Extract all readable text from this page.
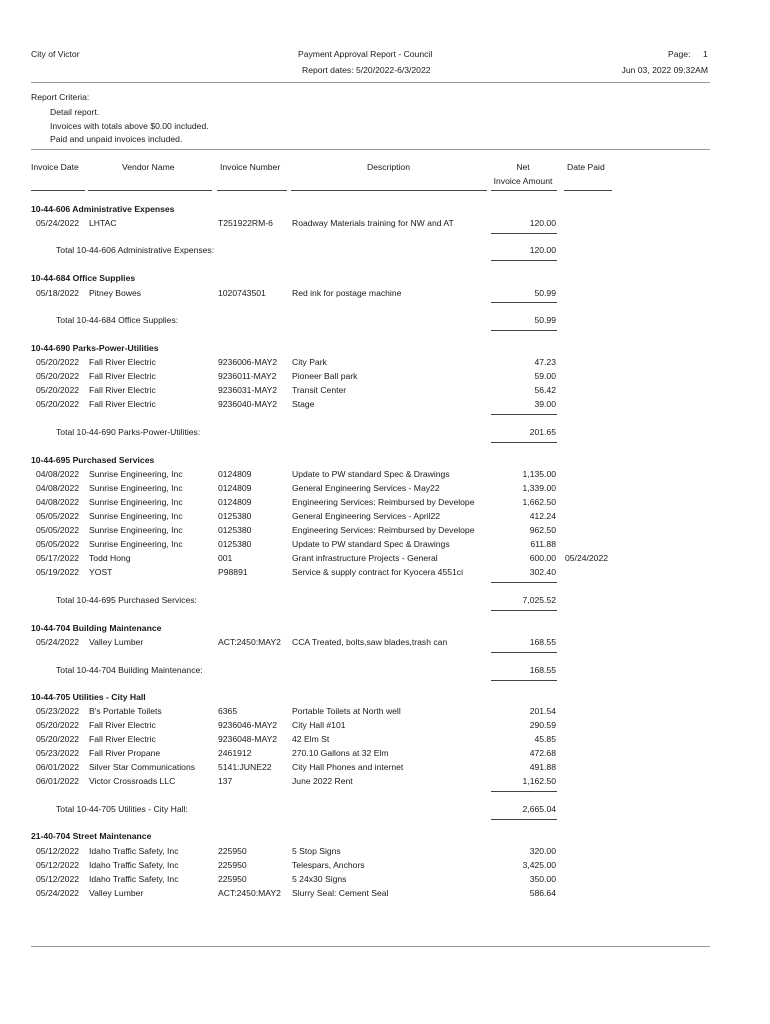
City of Victor	Payment Approval Report - Council
Report dates: 5/20/2022-6/3/2022
Page: 1
Jun 03, 2022 09:32AM
Report Criteria:
Detail report.
Invoices with totals above $0.00 included.
Paid and unpaid invoices included.
Invoice Date	Vendor Name	Invoice Number	Description	Net
Invoice Amount
Date Paid
10-44-606 Administrative Expenses
05/24/2022 LHTAC	T251922RM-6 Roadway Materials training for NW and AT	120.00
Total 10-44-606 Administrative Expenses:	120.00
10-44-684 Office Supplies
05/18/2022 Pitney Bowes	1020743501	Red ink for postage machine	50.99
Total 10-44-684 Office Supplies:	50.99
10-44-690 Parks-Power-Utilities
05/20/2022 Fall River Electric	9236006-MAY2 City Park	47.23
05/20/2022 Fall River Electric	9236011-MAY2 Pioneer Ball park	59.00
05/20/2022 Fall River Electric	9236031-MAY2 Transit Center	56.42
05/20/2022 Fall River Electric	9236040-MAY2 Stage	39.00
Total 10-44-690 Parks-Power-Utilities:	201.65
10-44-695 Purchased Services
04/08/2022 Sunrise Engineering, Inc	0124809	Update to PW standard Spec & Drawings	1,135.00
04/08/2022 Sunrise Engineering, Inc	0124809	General Engineering Services - May22	1,339.00
04/08/2022 Sunrise Engineering, Inc	0124809	Engineering Services: Reimbursed by Develope	1,662.50
05/05/2022 Sunrise Engineering, Inc	0125380	General Engineering Services - April22	412.24
05/05/2022 Sunrise Engineering, Inc	0125380	Engineering Services: Reimbursed by Develope	962.50
05/05/2022 Sunrise Engineering, Inc	0125380	Update to PW standard Spec & Drawings	611.88
05/17/2022 Todd Hong	001	Grant infrastructure Projects - General	600.00 05/24/2022
05/19/2022 YOST	P98891	Service & supply contract for Kyocera 4551ci	302.40
Total 10-44-695 Purchased Services:	7,025.52
10-44-704 Building Maintenance
05/24/2022 Valley Lumber	ACT:2450:MAY2 CCA Treated, bolts,saw blades,trash can	168.55
Total 10-44-704 Building Maintenance:	168.55
10-44-705 Utilities - City Hall
05/23/2022 B's Portable Toilets	6365	Portable Toilets at North well	201.54
05/20/2022 Fall River Electric	9236046-MAY2 City Hall #101	290.59
05/20/2022 Fall River Electric	9236048-MAY2 42 Elm St	45.85
05/23/2022 Fall River Propane	2461912	270.10 Gallons at 32 Elm	472.68
06/01/2022 Silver Star Communications	5141:JUNE22 City Hall Phones and internet	491.88
06/01/2022 Victor Crossroads LLC	137	June 2022 Rent	1,162.50
Total 10-44-705 Utilities - City Hall:	2,665.04
21-40-704 Street Maintenance
05/12/2022 Idaho Traffic Safety, Inc	225950	5 Stop Signs	320.00
05/12/2022 Idaho Traffic Safety, Inc	225950	Telespars, Anchors	3,425.00
05/12/2022 Idaho Traffic Safety, Inc	225950	5 24x30 Signs	350.00
05/24/2022 Valley Lumber	ACT:2450:MAY2 Slurry Seal: Cement Seal	586.64
